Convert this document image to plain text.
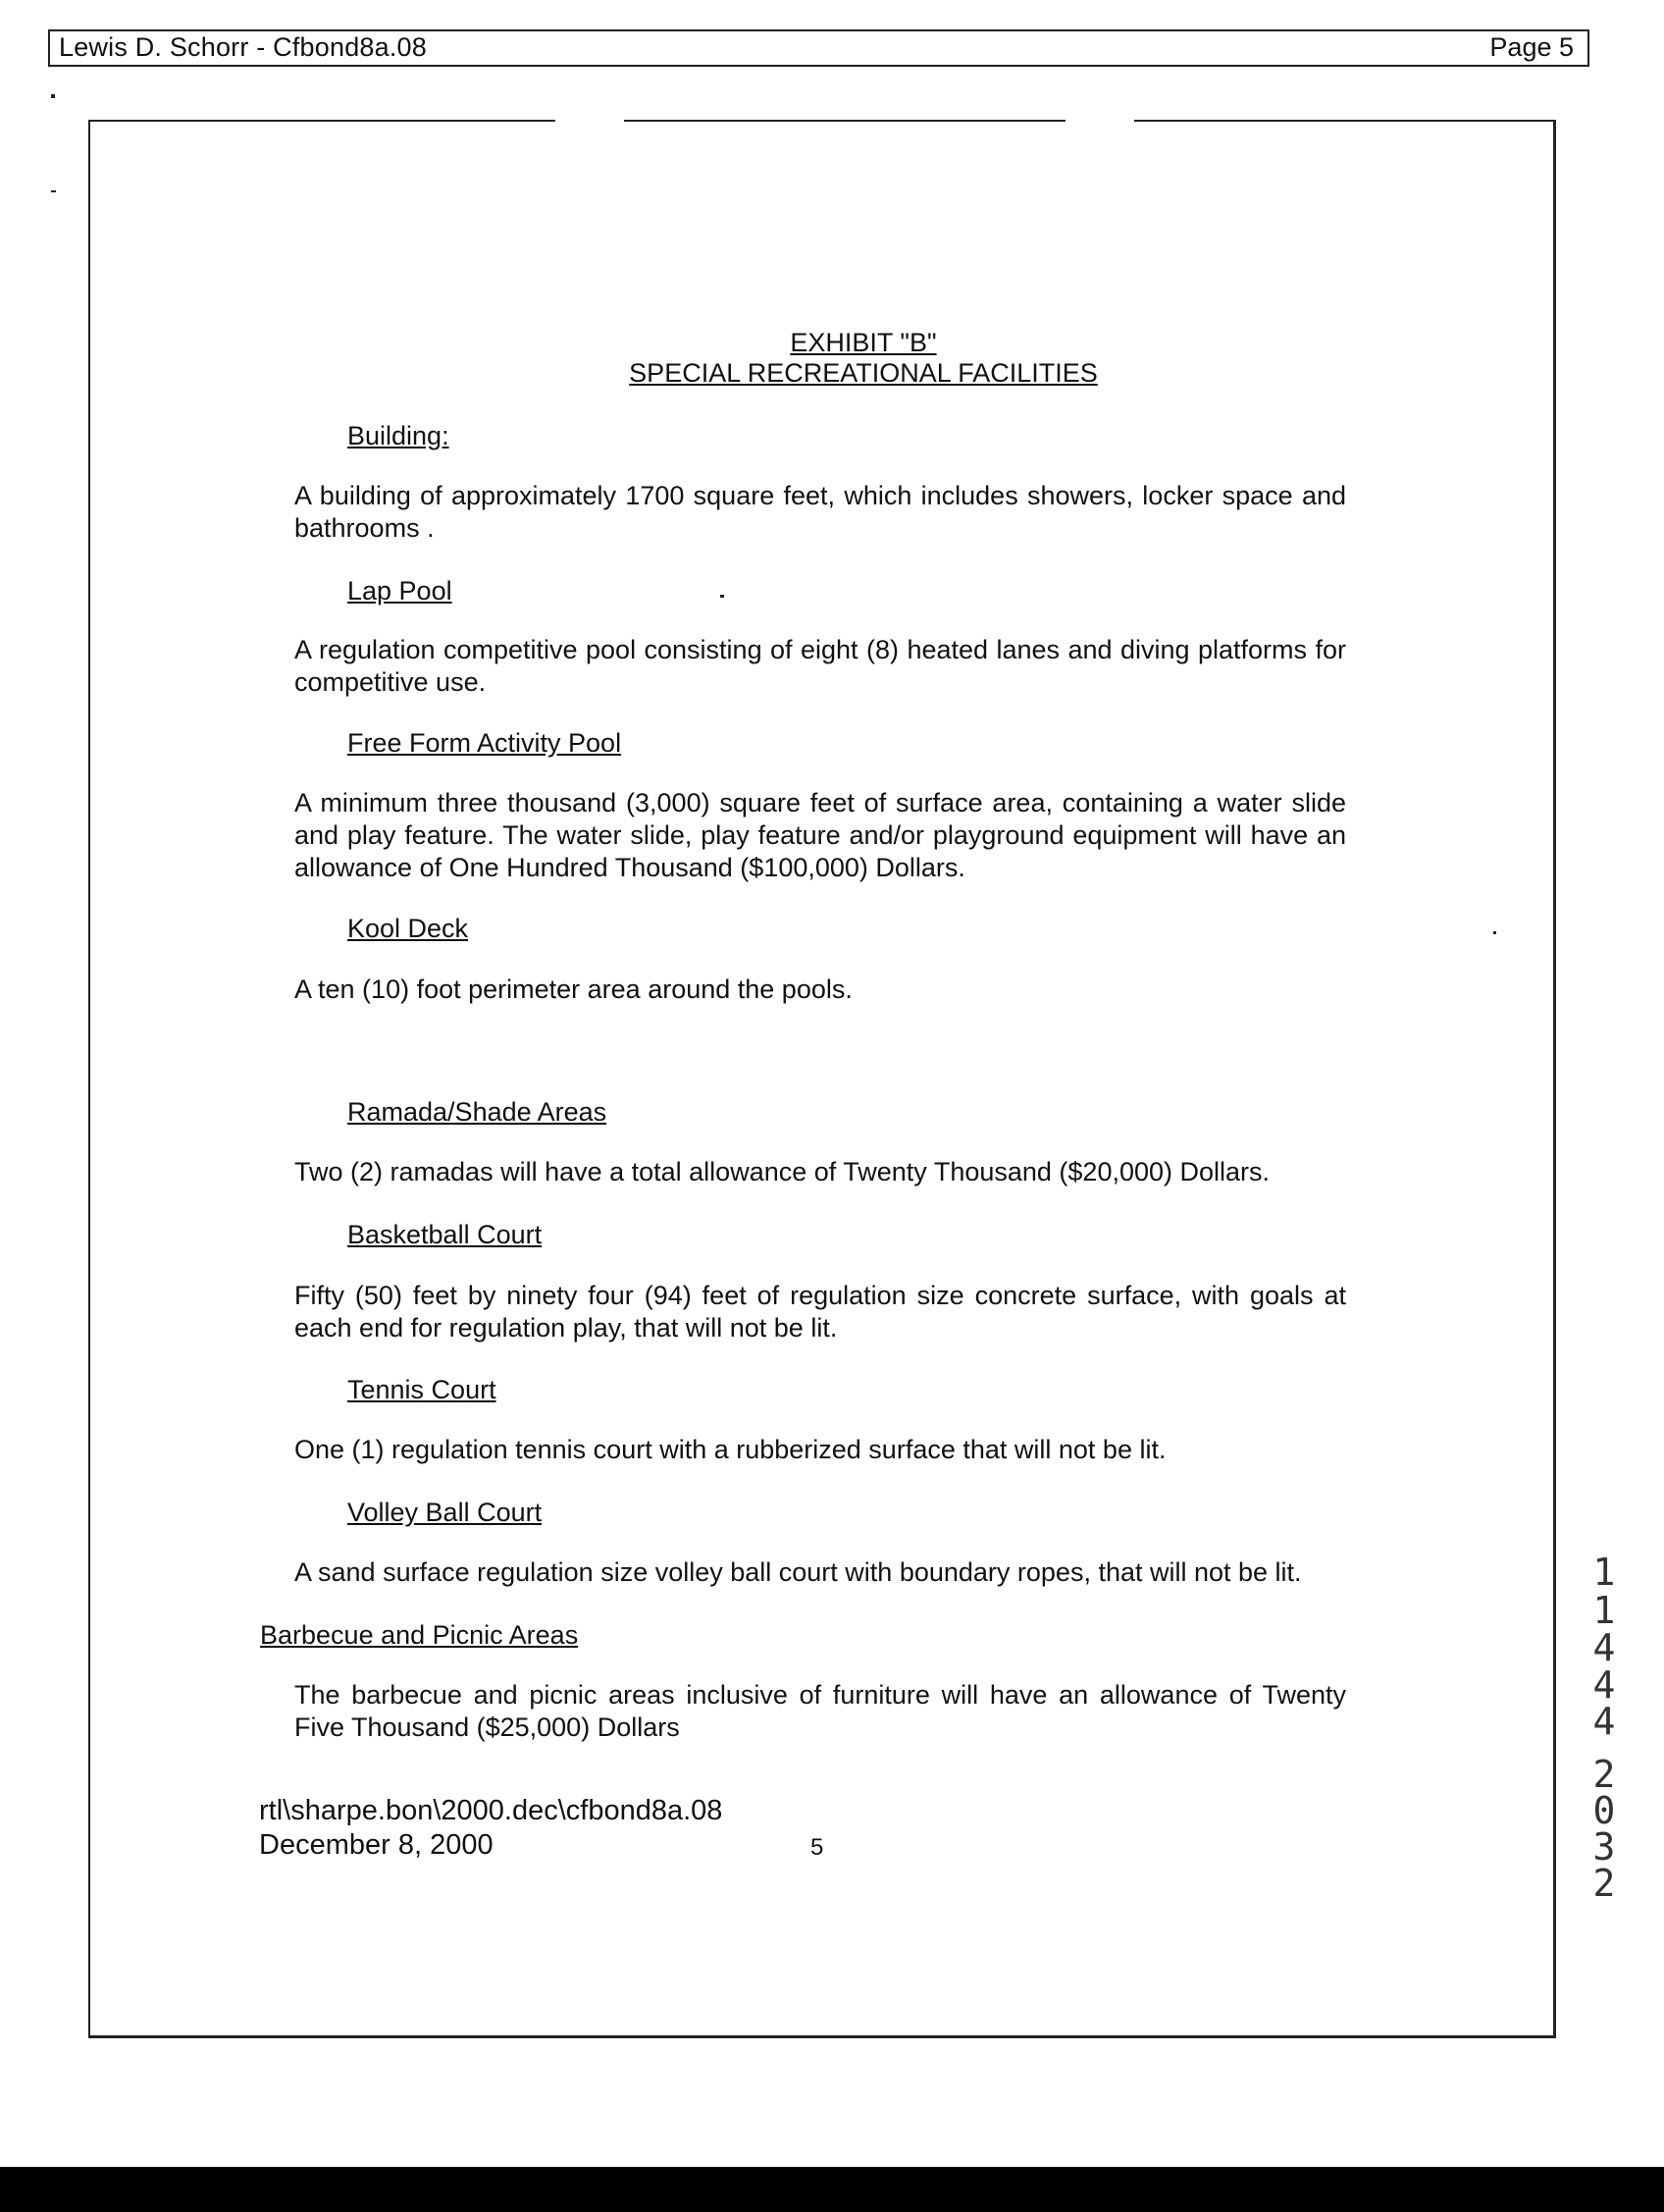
Lewis D. Schorr - Cfbond8a.08	Page 5
EXHIBIT "B"
SPECIAL RECREATIONAL FACILITIES
Building:
A building of approximately 1700 square feet, which includes showers, locker space and bathrooms .
Lap Pool
A regulation competitive pool consisting of eight (8) heated lanes and diving platforms for competitive use.
Free Form Activity Pool
A minimum three thousand (3,000) square feet of surface area, containing a water slide and play feature. The water slide, play feature and/or playground equipment will have an allowance of One Hundred Thousand ($100,000) Dollars.
Kool Deck
A ten (10) foot perimeter area around the pools.
Ramada/Shade Areas
Two (2) ramadas will have a total allowance of Twenty Thousand ($20,000) Dollars.
Basketball Court
Fifty (50) feet by ninety four (94) feet of regulation size concrete surface, with goals at each end for regulation play, that will not be lit.
Tennis Court
One (1) regulation tennis court with a rubberized surface that will not be lit.
Volley Ball Court
A sand surface regulation size volley ball court with boundary ropes, that will not be lit.
Barbecue and Picnic Areas
The barbecue and picnic areas inclusive of furniture will have an allowance of Twenty Five Thousand ($25,000) Dollars
rtl\sharpe.bon\2000.dec\cfbond8a.08
December 8, 2000	5
1
1
4
4
4
2
0
3
2
